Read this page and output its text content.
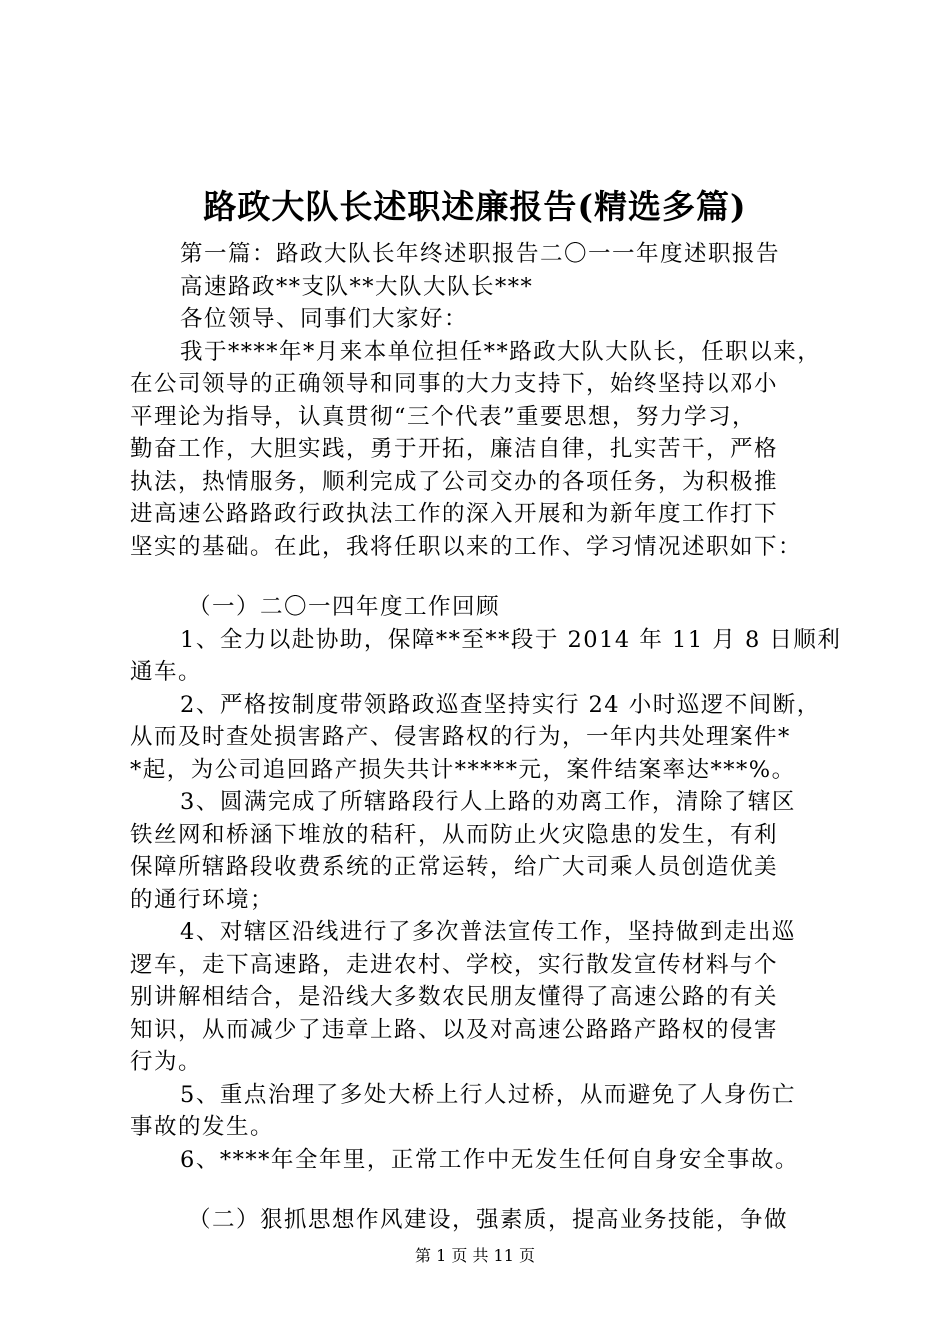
路政大队长述职述廉报告(精选多篇)
第一篇：路政大队长年终述职报告二〇一一年度述职报告
高速路政**支队**大队大队长***
各位领导、同事们大家好：
我于****年*月来本单位担任**路政大队大队长，任职以来，
在公司领导的正确领导和同事的大力支持下，始终坚持以邓小
平理论为指导，认真贯彻“三个代表”重要思想，努力学习，
勤奋工作，大胆实践，勇于开拓，廉洁自律，扎实苦干，严格
执法，热情服务，顺利完成了公司交办的各项任务，为积极推
进高速公路路政行政执法工作的深入开展和为新年度工作打下
坚实的基础。在此，我将任职以来的工作、学习情况述职如下：
（一）二〇一四年度工作回顾
1、全力以赴协助，保障**至**段于 2014 年 11 月 8 日顺利
通车。
2、严格按制度带领路政巡查坚持实行 24 小时巡逻不间断，
从而及时查处损害路产、侵害路权的行为，一年内共处理案件*
*起，为公司追回路产损失共计*****元，案件结案率达***%。
3、圆满完成了所辖路段行人上路的劝离工作，清除了辖区
铁丝网和桥涵下堆放的秸秆，从而防止火灾隐患的发生，有利
保障所辖路段收费系统的正常运转，给广大司乘人员创造优美
的通行环境；
4、对辖区沿线进行了多次普法宣传工作，坚持做到走出巡
逻车，走下高速路，走进农村、学校，实行散发宣传材料与个
别讲解相结合，是沿线大多数农民朋友懂得了高速公路的有关
知识，从而减少了违章上路、以及对高速公路路产路权的侵害
行为。
5、重点治理了多处大桥上行人过桥，从而避免了人身伤亡
事故的发生。
6、****年全年里，正常工作中无发生任何自身安全事故。
（二）狠抓思想作风建设，强素质，提高业务技能，争做
第 1 页 共 11 页
